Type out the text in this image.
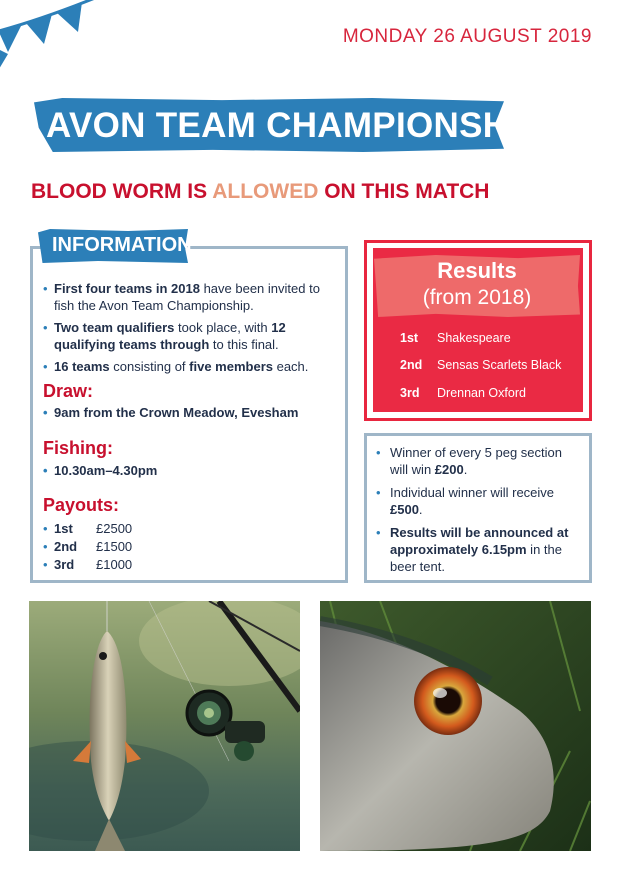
MONDAY 26 AUGUST 2019
AVON TEAM CHAMPIONSHIP
BLOOD WORM IS ALLOWED ON THIS MATCH
INFORMATION
• First four teams in 2018 have been invited to fish the Avon Team Championship.
• Two team qualifiers took place, with 12 qualifying teams through to this final.
• 16 teams consisting of five members each.
Draw:
• 9am from the Crown Meadow, Evesham
Fishing:
• 10.30am–4.30pm
Payouts:
• 1st £2500
• 2nd £1500
• 3rd £1000
Results
(from 2018)
1st Shakespeare
2nd Sensas Scarlets Black
3rd Drennan Oxford
• Winner of every 5 peg section will win £200.
• Individual winner will receive £500.
• Results will be announced at approximately 6.15pm in the beer tent.
